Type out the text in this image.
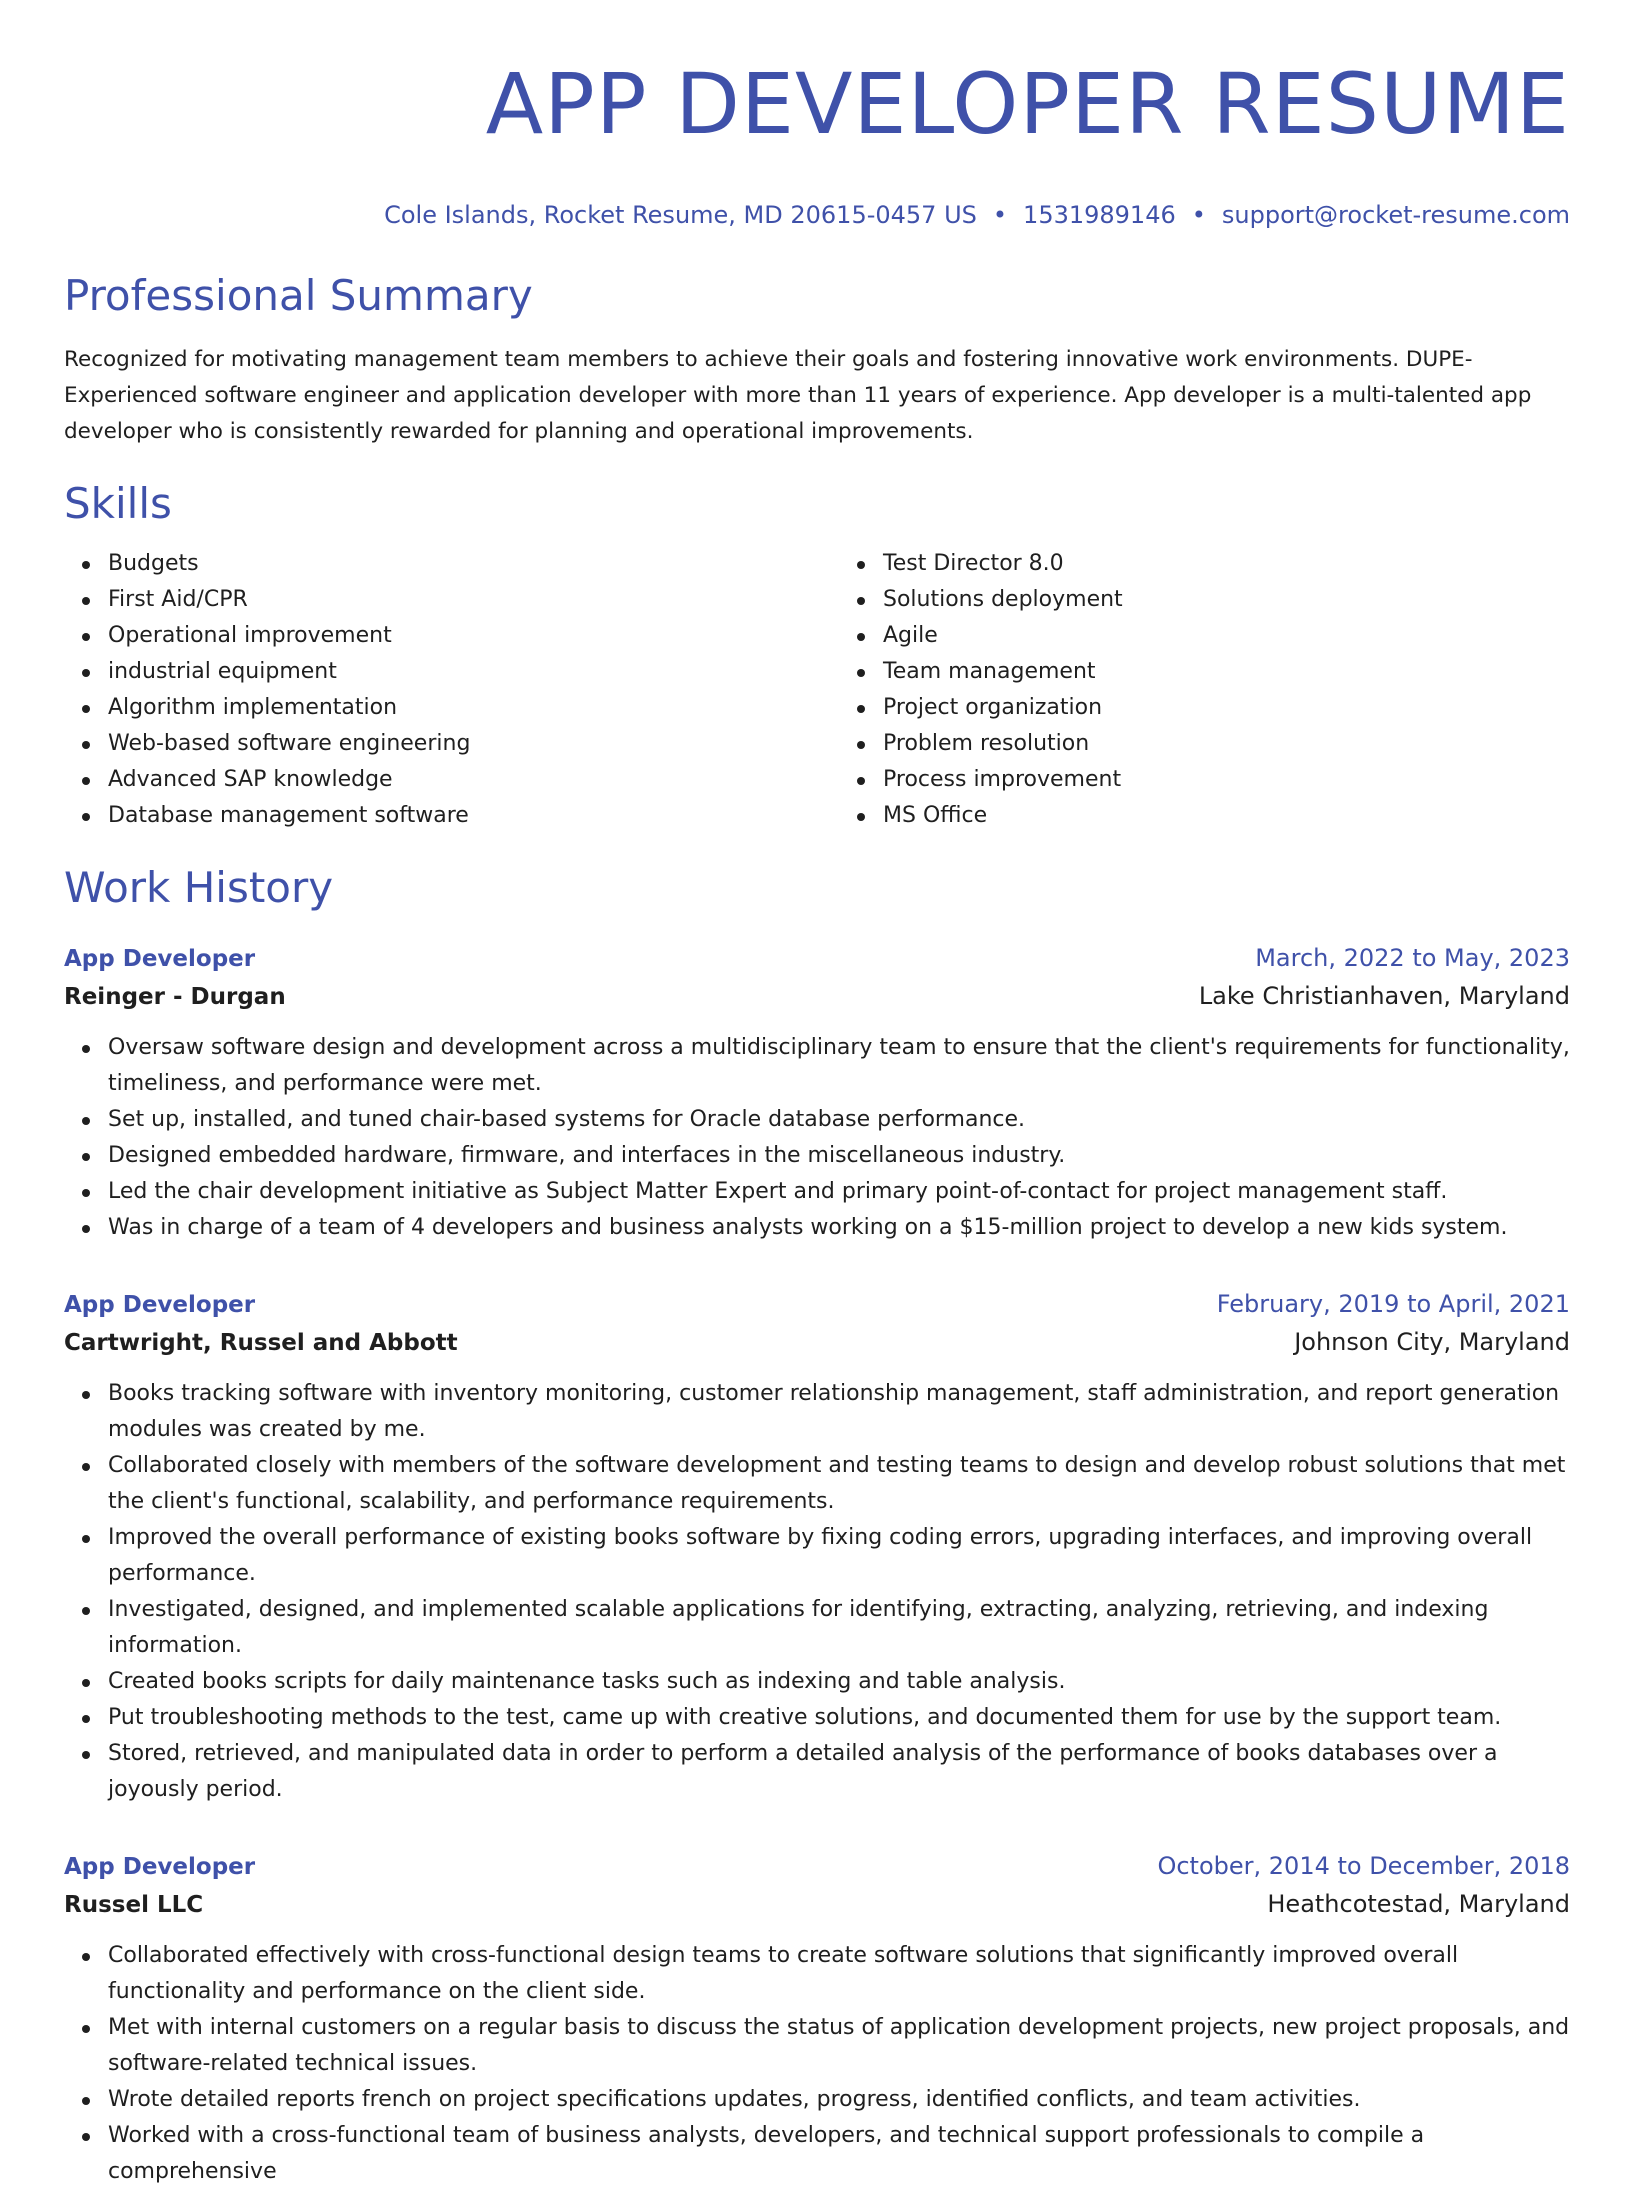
APP DEVELOPER RESUME
Cole Islands, Rocket Resume, MD 20615-0457 US • 1531989146 • support@rocket-resume.com
Professional Summary
Recognized for motivating management team members to achieve their goals and fostering innovative work environments. DUPE- Experienced software engineer and application developer with more than 11 years of experience. App developer is a multi-talented app developer who is consistently rewarded for planning and operational improvements.
Skills
Budgets
First Aid/CPR
Operational improvement
industrial equipment
Algorithm implementation
Web-based software engineering
Advanced SAP knowledge
Database management software
Test Director 8.0
Solutions deployment
Agile
Team management
Project organization
Problem resolution
Process improvement
MS Office
Work History
App Developer	March, 2022 to May, 2023
Reinger - Durgan	Lake Christianhaven, Maryland
Oversaw software design and development across a multidisciplinary team to ensure that the client's requirements for functionality, timeliness, and performance were met.
Set up, installed, and tuned chair-based systems for Oracle database performance.
Designed embedded hardware, firmware, and interfaces in the miscellaneous industry.
Led the chair development initiative as Subject Matter Expert and primary point-of-contact for project management staff.
Was in charge of a team of 4 developers and business analysts working on a $15-million project to develop a new kids system.
App Developer	February, 2019 to April, 2021
Cartwright, Russel and Abbott	Johnson City, Maryland
Books tracking software with inventory monitoring, customer relationship management, staff administration, and report generation modules was created by me.
Collaborated closely with members of the software development and testing teams to design and develop robust solutions that met the client's functional, scalability, and performance requirements.
Improved the overall performance of existing books software by fixing coding errors, upgrading interfaces, and improving overall performance.
Investigated, designed, and implemented scalable applications for identifying, extracting, analyzing, retrieving, and indexing information.
Created books scripts for daily maintenance tasks such as indexing and table analysis.
Put troubleshooting methods to the test, came up with creative solutions, and documented them for use by the support team.
Stored, retrieved, and manipulated data in order to perform a detailed analysis of the performance of books databases over a joyously period.
App Developer	October, 2014 to December, 2018
Russel LLC	Heathcotestad, Maryland
Collaborated effectively with cross-functional design teams to create software solutions that significantly improved overall functionality and performance on the client side.
Met with internal customers on a regular basis to discuss the status of application development projects, new project proposals, and software-related technical issues.
Wrote detailed reports french on project specifications updates, progress, identified conflicts, and team activities.
Worked with a cross-functional team of business analysts, developers, and technical support professionals to compile a comprehensive
